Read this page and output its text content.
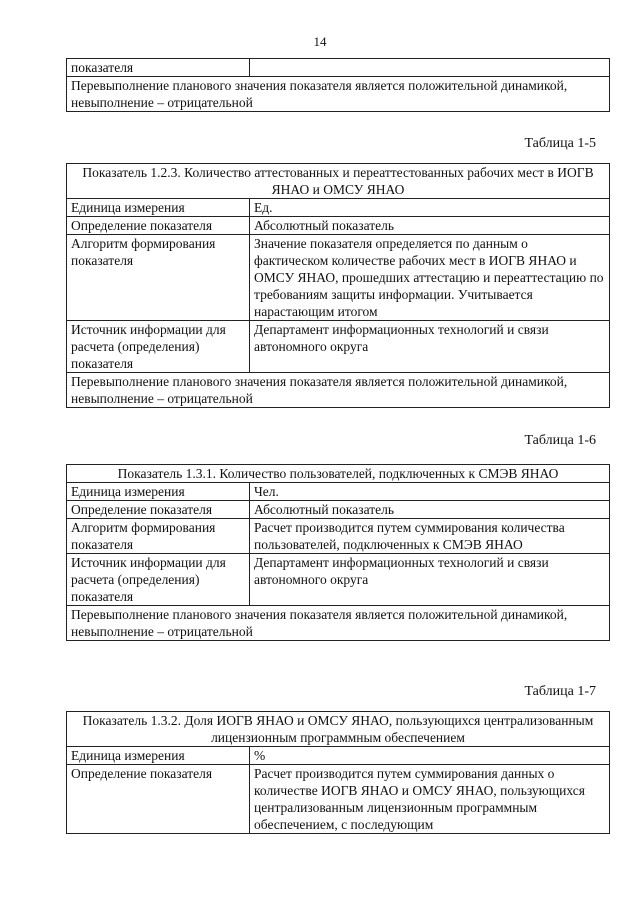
14
показателя	
Перевыполнение планового значения показателя является положительной динамикой, невыполнение – отрицательной
Таблица 1-5
Показатель 1.2.3. Количество аттестованных и переаттестованных рабочих мест в ИОГВ ЯНАО и ОМСУ ЯНАО	
Единица измерения	Ед.
Определение показателя	Абсолютный показатель
Алгоритм формирования показателя	Значение показателя определяется по данным о фактическом количестве рабочих мест в ИОГВ ЯНАО и ОМСУ ЯНАО, прошедших аттестацию и переаттестацию по требованиям защиты информации. Учитывается нарастающим итогом
Источник информации для расчета (определения) показателя	Департамент информационных технологий и связи автономного округа
Перевыполнение планового значения показателя является положительной динамикой, невыполнение – отрицательной	
Таблица 1-6
Показатель 1.3.1. Количество пользователей, подключенных к СМЭВ ЯНАО	
Единица измерения	Чел.
Определение показателя	Абсолютный показатель
Алгоритм формирования показателя	Расчет производится путем суммирования количества пользователей, подключенных к СМЭВ ЯНАО
Источник информации для расчета (определения) показателя	Департамент информационных технологий и связи автономного округа
Перевыполнение планового значения показателя является положительной динамикой, невыполнение – отрицательной	
Таблица 1-7
Показатель 1.3.2. Доля ИОГВ ЯНАО и ОМСУ ЯНАО, пользующихся централизованным лицензионным программным обеспечением	
Единица измерения	%
Определение показателя	Расчет производится путем суммирования данных о количестве ИОГВ ЯНАО и ОМСУ ЯНАО, пользующихся централизованным лицензионным программным обеспечением, с последующим
